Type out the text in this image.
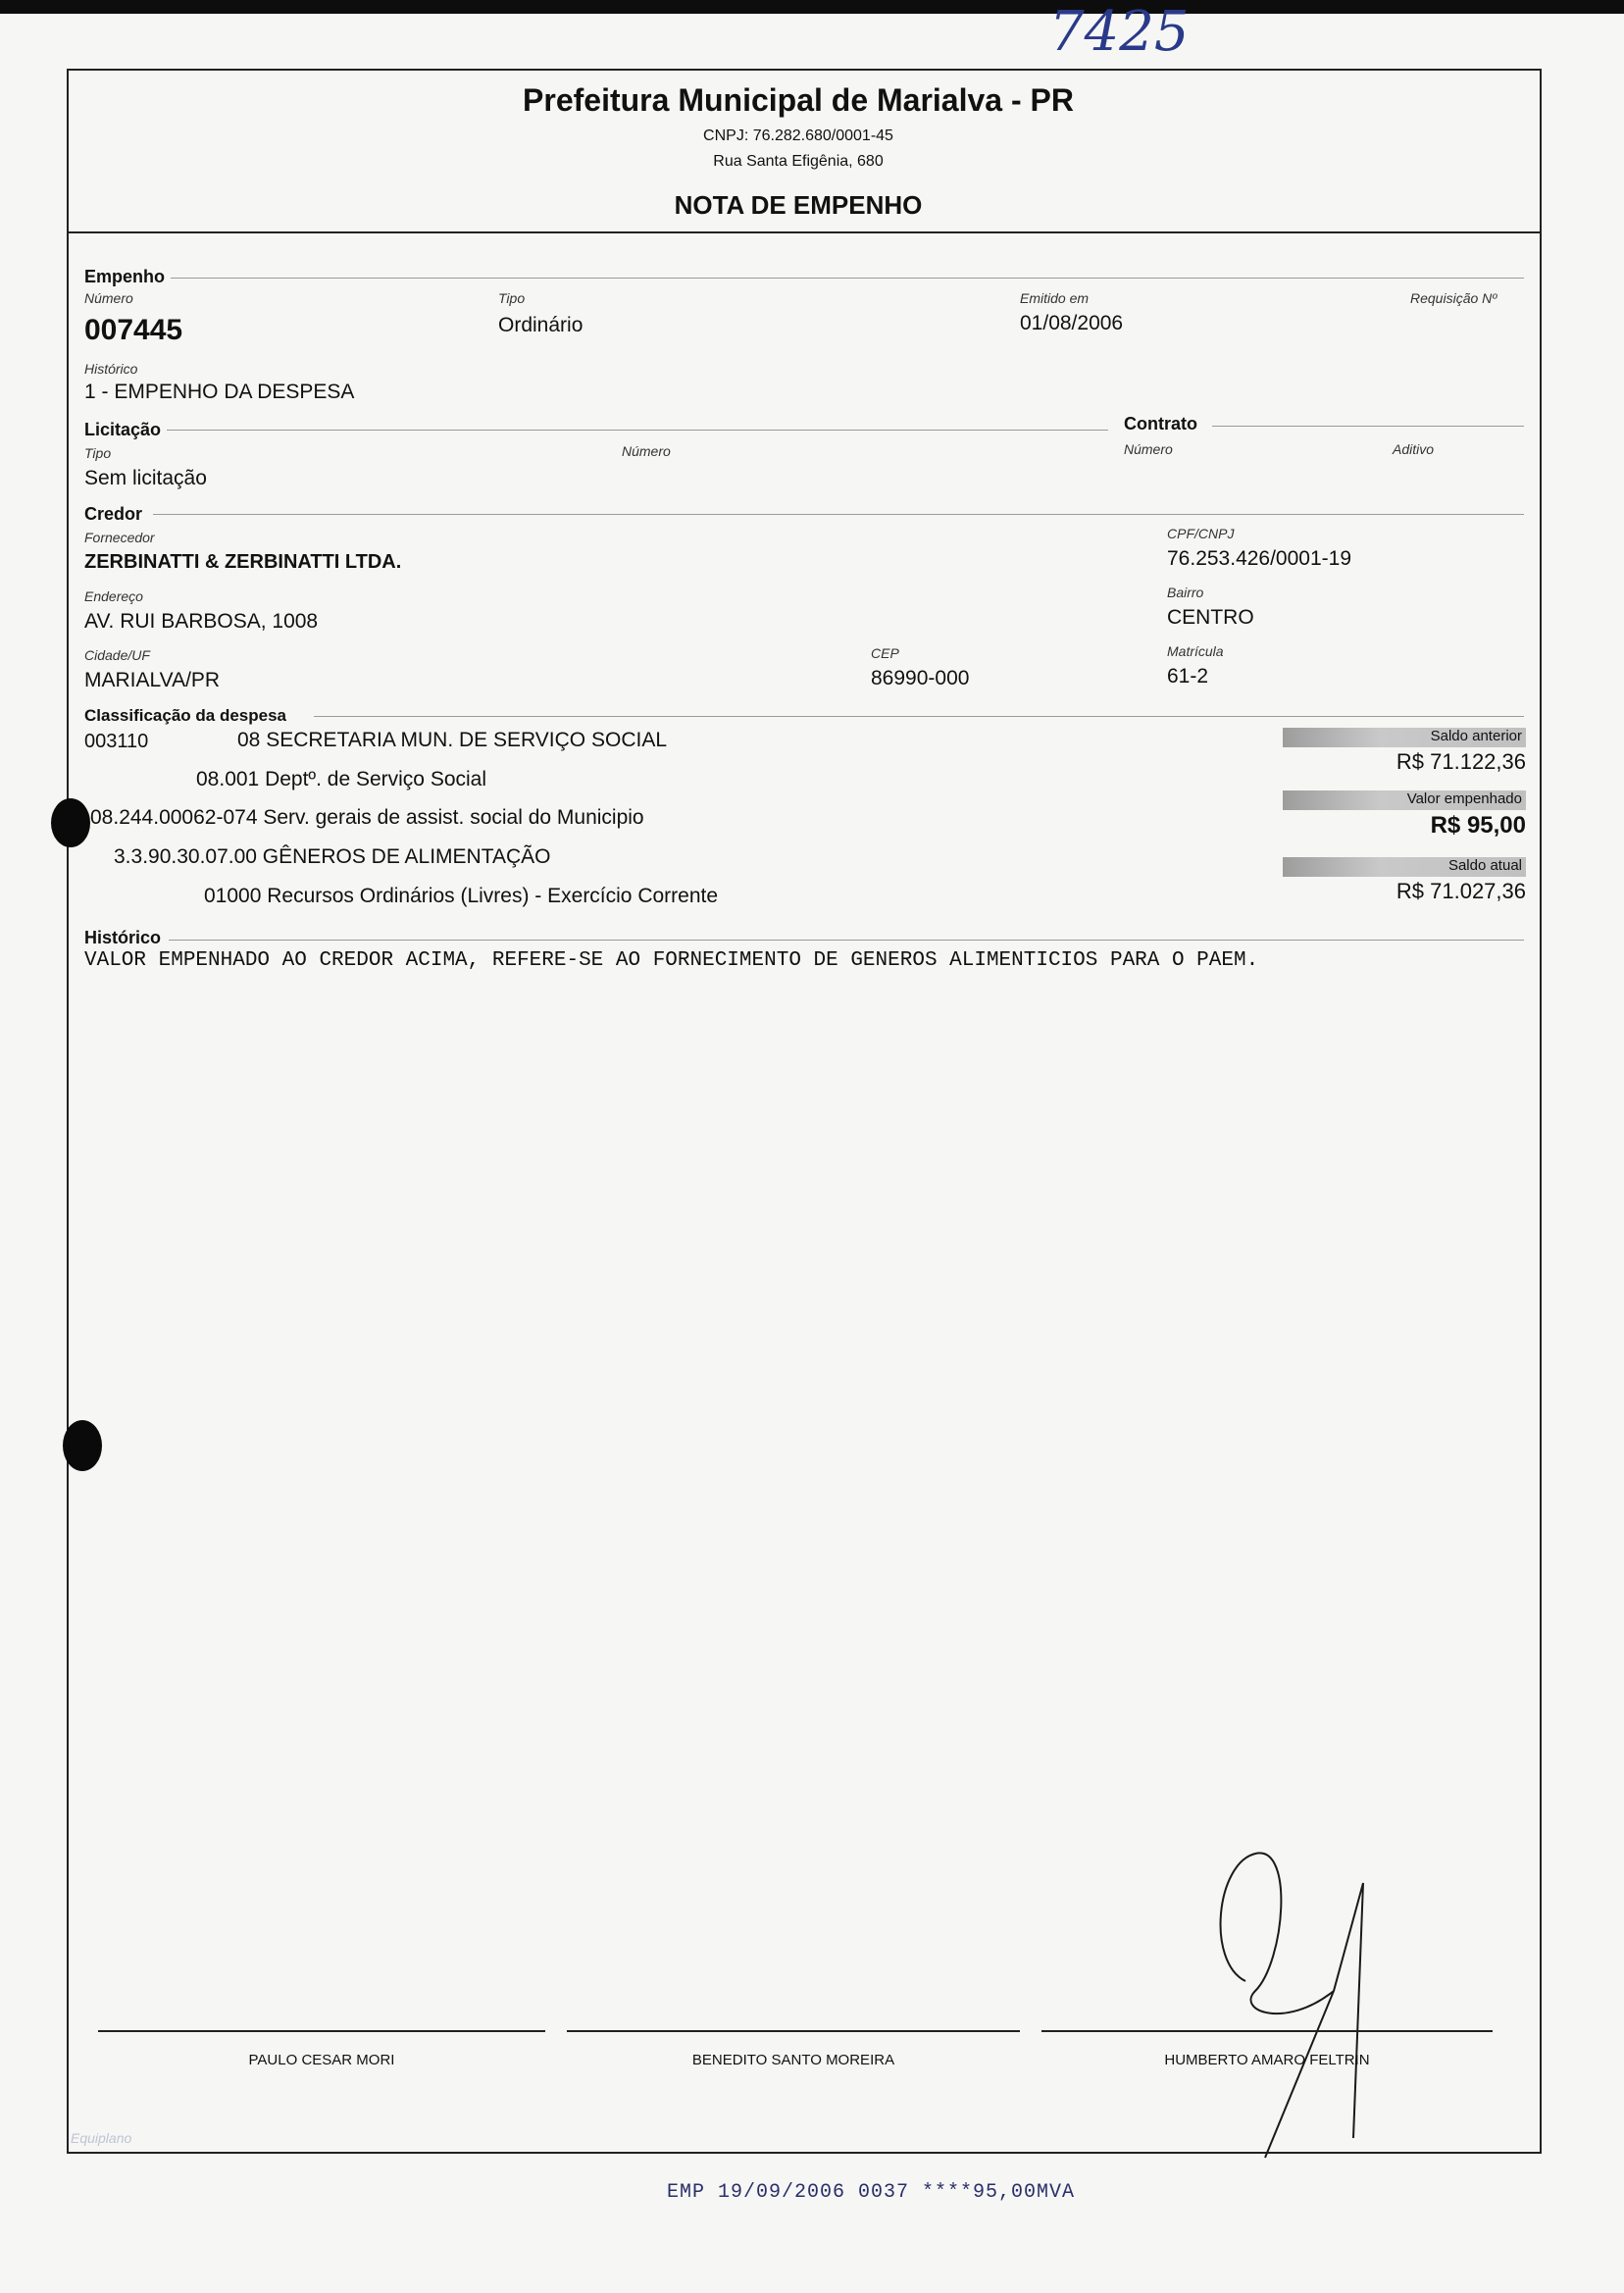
7425
Prefeitura Municipal de Marialva - PR
CNPJ: 76.282.680/0001-45
Rua Santa Efigênia, 680
NOTA DE EMPENHO
Empenho
Número
007445
Tipo
Ordinário
Emitido em
01/08/2006
Requisição Nº
Histórico
1 - EMPENHO DA DESPESA
Licitação	Contrato
Tipo
Sem licitação
Número	Número	Aditivo
Credor
Fornecedor
ZERBINATTI & ZERBINATTI LTDA.
CPF/CNPJ
76.253.426/0001-19
Endereço
AV. RUI BARBOSA, 1008
Bairro
CENTRO
Cidade/UF
MARIALVA/PR
CEP
86990-000
Matrícula
61-2
Classificação da despesa
003110	08 SECRETARIA MUN. DE SERVIÇO SOCIAL
08.001 Deptº. de Serviço Social
08.244.00062-074 Serv. gerais de assist. social do Municipio
3.3.90.30.07.00 GÊNEROS DE ALIMENTAÇÃO
01000 Recursos Ordinários (Livres) - Exercício Corrente
Saldo anterior
R$ 71.122,36
Valor empenhado
R$ 95,00
Saldo atual
R$ 71.027,36
Histórico
VALOR EMPENHADO AO CREDOR ACIMA, REFERE-SE AO FORNECIMENTO DE GENEROS ALIMENTICIOS PARA O PAEM.
PAULO CESAR MORI	BENEDITO SANTO MOREIRA	HUMBERTO AMARO FELTRIN
Equiplano
EMP 19/09/2006 0037 ****95,00MVA
